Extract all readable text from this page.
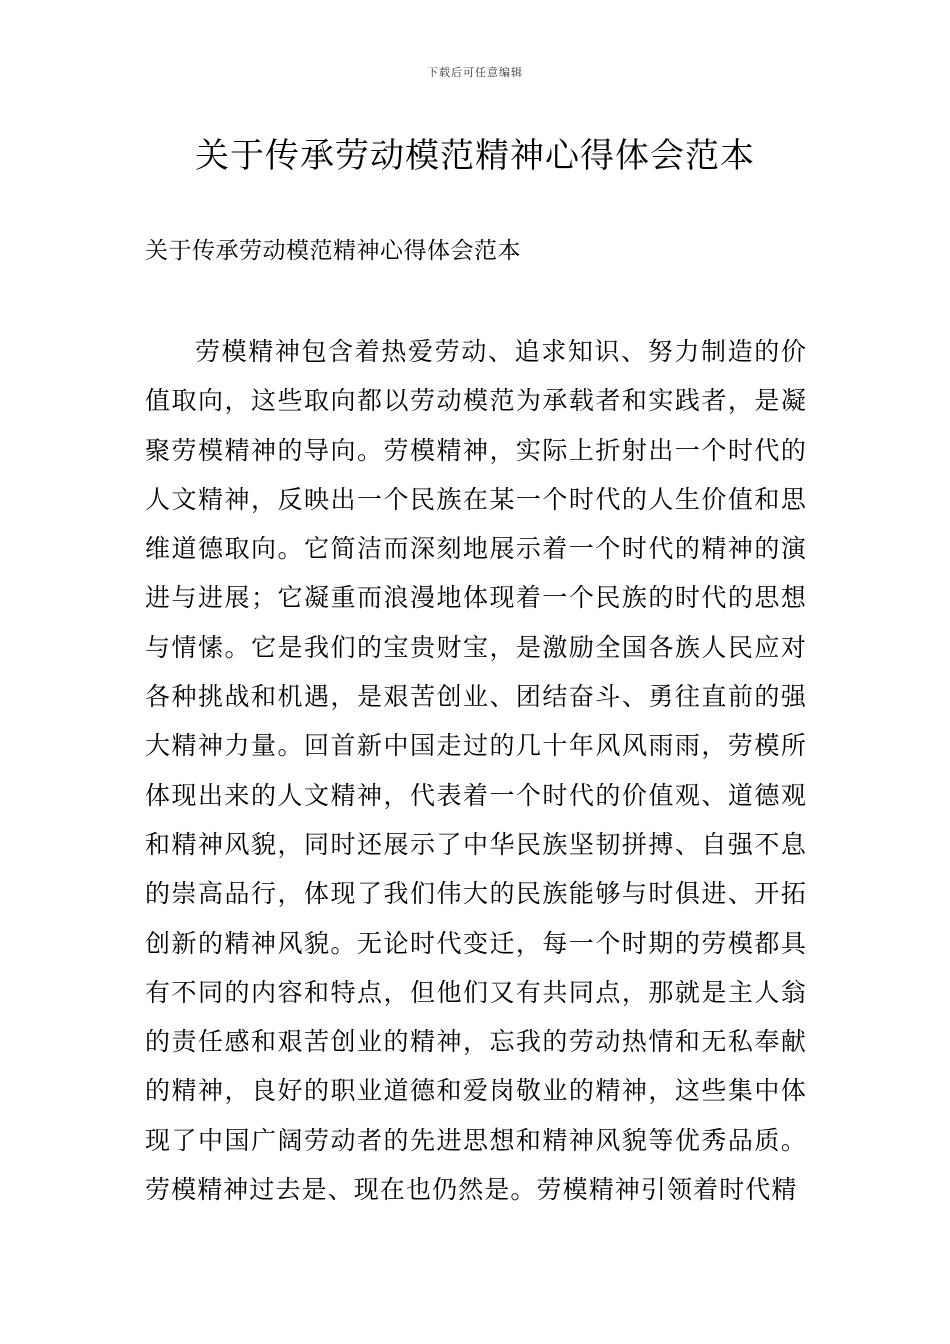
下载后可任意编辑
关于传承劳动模范精神心得体会范本

关于传承劳动模范精神心得体会范本

劳模精神包含着热爱劳动、追求知识、努力制造的价值取向，这些取向都以劳动模范为承载者和实践者，是凝聚劳模精神的导向。劳模精神，实际上折射出一个时代的人文精神，反映出一个民族在某一个时代的人生价值和思维道德取向。它简洁而深刻地展示着一个时代的精神的演进与进展；它凝重而浪漫地体现着一个民族的时代的思想与情愫。它是我们的宝贵财宝，是激励全国各族人民应对各种挑战和机遇，是艰苦创业、团结奋斗、勇往直前的强大精神力量。回首新中国走过的几十年风风雨雨，劳模所体现出来的人文精神，代表着一个时代的价值观、道德观和精神风貌，同时还展示了中华民族坚韧拼搏、自强不息的崇高品行，体现了我们伟大的民族能够与时俱进、开拓创新的精神风貌。无论时代变迁，每一个时期的劳模都具有不同的内容和特点，但他们又有共同点，那就是主人翁的责任感和艰苦创业的精神，忘我的劳动热情和无私奉献的精神，良好的职业道德和爱岗敬业的精神，这些集中体现了中国广阔劳动者的先进思想和精神风貌等优秀品质。劳模精神过去是、现在也仍然是。劳模精神引领着时代精
